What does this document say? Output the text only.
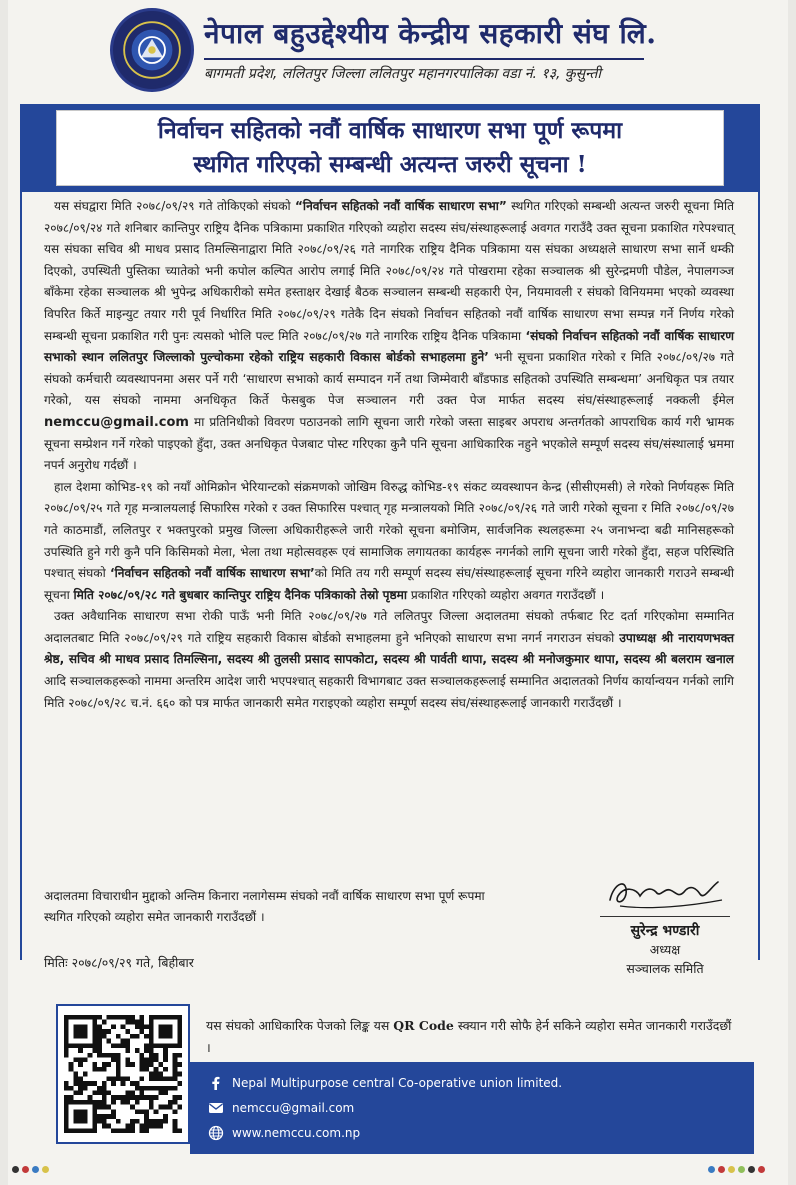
नेपाल बहुउद्देश्यीय केन्द्रीय सहकारी संघ लि.
बागमती प्रदेश, ललितपुर जिल्ला ललितपुर महानगरपालिका वडा नं. १३, कुसुन्ती
निर्वाचन सहितको नवौं वार्षिक साधारण सभा पूर्ण रूपमा
स्थगित गरिएको सम्बन्धी अत्यन्त जरुरी सूचना !

यस संघद्वारा मिति २०७८/०९/२९ गते तोकिएको संघको “निर्वाचन सहितको नवौं वार्षिक साधारण सभा” स्थगित गरिएको सम्बन्धी अत्यन्त जरुरी सूचना मिति २०७८/०९/२४ गते शनिबार कान्तिपुर राष्ट्रिय दैनिक पत्रिकामा प्रकाशित गरिएको व्यहोरा सदस्य संघ/संस्थाहरूलाई अवगत गराउँदै उक्त सूचना प्रकाशित गरेपश्चात् यस संघका सचिव श्री माधव प्रसाद तिमल्सिनाद्वारा मिति २०७८/०९/२६ गते नागरिक राष्ट्रिय दैनिक पत्रिकामा यस संघका अध्यक्षले साधारण सभा सार्ने धम्की दिएको, उपस्थिती पुस्तिका च्यातेको भनी कपोल कल्पित आरोप लगाई मिति २०७८/०९/२४ गते पोखरामा रहेका सञ्चालक श्री सुरेन्द्रमणी पौडेल, नेपालगञ्ज बाँकेमा रहेका सञ्चालक श्री भुपेन्द्र अधिकारीको समेत हस्ताक्षर देखाई बैठक सञ्चालन सम्बन्धी सहकारी ऐन, नियमावली र संघको विनियममा भएको व्यवस्था विपरित किर्ते माइन्युट तयार गरी पूर्व निर्धारित मिति २०७८/०९/२९ गतेकै दिन संघको निर्वाचन सहितको नवौं वार्षिक साधारण सभा सम्पन्न गर्ने निर्णय गरेको सम्बन्धी सूचना प्रकाशित गरी पुनः त्यसको भोलि पल्ट मिति २०७८/०९/२७ गते नागरिक राष्ट्रिय दैनिक पत्रिकामा ‘संघको निर्वाचन सहितको नवौं वार्षिक साधारण सभाको स्थान ललितपुर जिल्लाको पुल्चोकमा रहेको राष्ट्रिय सहकारी विकास बोर्डको सभाहलमा हुने’ भनी सूचना प्रकाशित गरेको र मिति २०७८/०९/२७ गते संघको कर्मचारी व्यवस्थापनमा असर पर्ने गरी ‘साधारण सभाको कार्य सम्पादन गर्ने तथा जिम्मेवारी बाँडफाड सहितको उपस्थिति सम्बन्धमा’ अनधिकृत पत्र तयार गरेको, यस संघको नाममा अनधिकृत किर्ते फेसबुक पेज सञ्चालन गरी उक्त पेज मार्फत सदस्य संघ/संस्थाहरूलाई नक्कली ईमेल nemccu@gmail.com मा प्रतिनिधीको विवरण पठाउनको लागि सूचना जारी गरेको जस्ता साइबर अपराध अन्तर्गतको आपराधिक कार्य गरी भ्रामक सूचना सम्प्रेशन गर्ने गरेको पाइएको हुँदा, उक्त अनधिकृत पेजबाट पोस्ट गरिएका कुनै पनि सूचना आधिकारिक नहुने भएकोले सम्पूर्ण सदस्य संघ/संस्थालाई भ्रममा नपर्न अनुरोध गर्दछौं ।

हाल देशमा कोभिड-१९ को नयाँ ओमिक्रोन भेरियान्टको संक्रमणको जोखिम विरुद्ध कोभिड-१९ संकट व्यवस्थापन केन्द्र (सीसीएमसी) ले गरेको निर्णयहरू मिति २०७८/०९/२५ गते गृह मन्त्रालयलाई सिफारिस गरेको र उक्त सिफारिस पश्चात् गृह मन्त्रालयको मिति २०७८/०९/२६ गते जारी गरेको सूचना र मिति २०७८/०९/२७ गते काठमाडौं, ललितपुर र भक्तपुरको प्रमुख जिल्ला अधिकारीहरूले जारी गरेको सूचना बमोजिम, सार्वजनिक स्थलहरूमा २५ जनाभन्दा बढी मानिसहरूको उपस्थिति हुने गरी कुनै पनि किसिमको मेला, भेला तथा महोत्सवहरू एवं सामाजिक लगायतका कार्यहरू नगर्नको लागि सूचना जारी गरेको हुँदा, सहज परिस्थिति पश्चात् संघको ‘निर्वाचन सहितको नवौं वार्षिक साधारण सभा’को मिति तय गरी सम्पूर्ण सदस्य संघ/संस्थाहरूलाई सूचना गरिने व्यहोरा जानकारी गराउने सम्बन्धी सूचना मिति २०७८/०९/२८ गते बुधबार कान्तिपुर राष्ट्रिय दैनिक पत्रिकाको तेस्रो पृष्ठमा प्रकाशित गरिएको व्यहोरा अवगत गराउँदछौं ।

उक्त अवैधानिक साधारण सभा रोकी पाऊँ भनी मिति २०७८/०९/२७ गते ललितपुर जिल्ला अदालतमा संघको तर्फबाट रिट दर्ता गरिएकोमा सम्मानित अदालतबाट मिति २०७८/०९/२९ गते राष्ट्रिय सहकारी विकास बोर्डको सभाहलमा हुने भनिएको साधारण सभा नगर्न नगराउन संघको उपाध्यक्ष श्री नारायणभक्त श्रेष्ठ, सचिव श्री माधव प्रसाद तिमल्सिना, सदस्य श्री तुलसी प्रसाद सापकोटा, सदस्य श्री पार्वती थापा, सदस्य श्री मनोजकुमार थापा, सदस्य श्री बलराम खनाल आदि सञ्चालकहरूको नाममा अन्तरिम आदेश जारी भएपश्चात् सहकारी विभागबाट उक्त सञ्चालकहरूलाई सम्मानित अदालतको निर्णय कार्यान्वयन गर्नको लागि मिति २०७८/०९/२८ च.नं. ६६० को पत्र मार्फत जानकारी समेत गराइएको व्यहोरा सम्पूर्ण सदस्य संघ/संस्थाहरूलाई जानकारी गराउँदछौं ।

अदालतमा विचाराधीन मुद्दाको अन्तिम किनारा नलागेसम्म संघको नवौं वार्षिक साधारण सभा पूर्ण रूपमा
स्थगित गरिएको व्यहोरा समेत जानकारी गराउँदछौं ।
मितिः २०७८/०९/२९ गते, बिहीबार
सुरेन्द्र भण्डारी
अध्यक्ष
सञ्चालक समिति
यस संघको आधिकारिक पेजको लिङ्क यस QR Code स्क्यान गरी सोफै हेर्न सकिने व्यहोरा समेत जानकारी गराउँदछौं ।
Nepal Multipurpose central Co-operative union limited.
nemccu@gmail.com
www.nemccu.com.np
